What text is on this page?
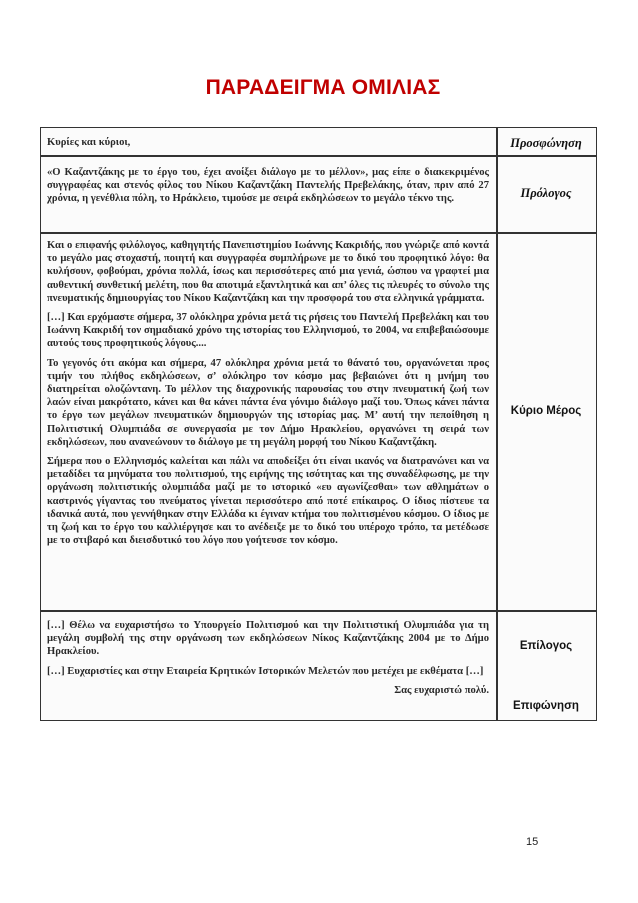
ΠΑΡΑΔΕΙΓΜΑ ΟΜΙΛΙΑΣ
Κυρίες και κύριοι,	Προσφώνηση
«Ο Καζαντζάκης με το έργο του, έχει ανοίξει διάλογο με το μέλλον», μας είπε ο διακεκριμένος συγγραφέας και στενός φίλος του Νίκου Καζαντζάκη Παντελής Πρεβελάκης, όταν, πριν από 27 χρόνια, η γενέθλια πόλη, το Ηράκλειο, τιμούσε με σειρά εκδηλώσεων το μεγάλο τέκνο της.	Πρόλογος

Και ο επιφανής φιλόλογος, καθηγητής Πανεπιστημίου Ιωάννης Κακριδής, που γνώριζε από κοντά το μεγάλο μας στοχαστή, ποιητή και συγγραφέα συμπλήρωνε με το δικό του προφητικό λόγο: θα κυλήσουν, φοβούμαι, χρόνια πολλά, ίσως και περισσότερες από μια γενιά, ώσπου να γραφτεί μια αυθεντική συνθετική μελέτη, που θα αποτιμά εξαντλητικά και απ’ όλες τις πλευρές το σύνολο της πνευματικής δημιουργίας του Νίκου Καζαντζάκη και την προσφορά του στα ελληνικά γράμματα.

[…] Και ερχόμαστε σήμερα, 37 ολόκληρα χρόνια μετά τις ρήσεις του Παντελή Πρεβελάκη και του Ιωάννη Κακριδή τον σημαδιακό χρόνο της ιστορίας του Ελληνισμού, το 2004, να επιβεβαιώσουμε αυτούς τους προφητικούς λόγους....

Το γεγονός ότι ακόμα και σήμερα, 47 ολόκληρα χρόνια μετά το θάνατό του, οργανώνεται προς τιμήν του πλήθος εκδηλώσεων, σ’ ολόκληρο τον κόσμο μας βεβαιώνει ότι η μνήμη του διατηρείται ολοζώντανη. Το μέλλον της διαχρονικής παρουσίας του στην πνευματική ζωή των λαών είναι μακρότατο, κάνει και θα κάνει πάντα ένα γόνιμο διάλογο μαζί του. Όπως κάνει πάντα το έργο των μεγάλων πνευματικών δημιουργών της ιστορίας μας. Μ’ αυτή την πεποίθηση η Πολιτιστική Ολυμπιάδα σε συνεργασία με τον Δήμο Ηρακλείου, οργανώνει τη σειρά των εκδηλώσεων, που ανανεώνουν το διάλογο με τη μεγάλη μορφή του Νίκου Καζαντζάκη.

Σήμερα που ο Ελληνισμός καλείται και πάλι να αποδείξει ότι είναι ικανός να διατρανώνει και να μεταδίδει τα μηνύματα του πολιτισμού, της ειρήνης της ισότητας και της συναδέλφωσης, με την οργάνωση πολιτιστικής ολυμπιάδα μαζί με το ιστορικό «ευ αγωνίζεσθαι» των αθλημάτων ο καστρινός γίγαντας του πνεύματος γίνεται περισσότερο από ποτέ επίκαιρος. Ο ίδιος πίστευε τα ιδανικά αυτά, που γεννήθηκαν στην Ελλάδα κι έγιναν κτήμα του πολιτισμένου κόσμου. Ο ίδιος με τη ζωή και το έργο του καλλιέργησε και το ανέδειξε με το δικό του υπέροχο τρόπο, τα μετέδωσε με το στιβαρό και διεισδυτικό του λόγο που γοήτευσε τον κόσμο.

Κύριο Μέρος

[…] Θέλω να ευχαριστήσω το Υπουργείο Πολιτισμού και την Πολιτιστική Ολυμπιάδα για τη μεγάλη συμβολή της στην οργάνωση των εκδηλώσεων Νίκος Καζαντζάκης 2004 με το Δήμο Ηρακλείου.

[…] Ευχαριστίες και στην Εταιρεία Κρητικών Ιστορικών Μελετών που μετέχει με εκθέματα […]

Σας ευχαριστώ πολύ.

Επίλογος
Επιφώνηση
15
